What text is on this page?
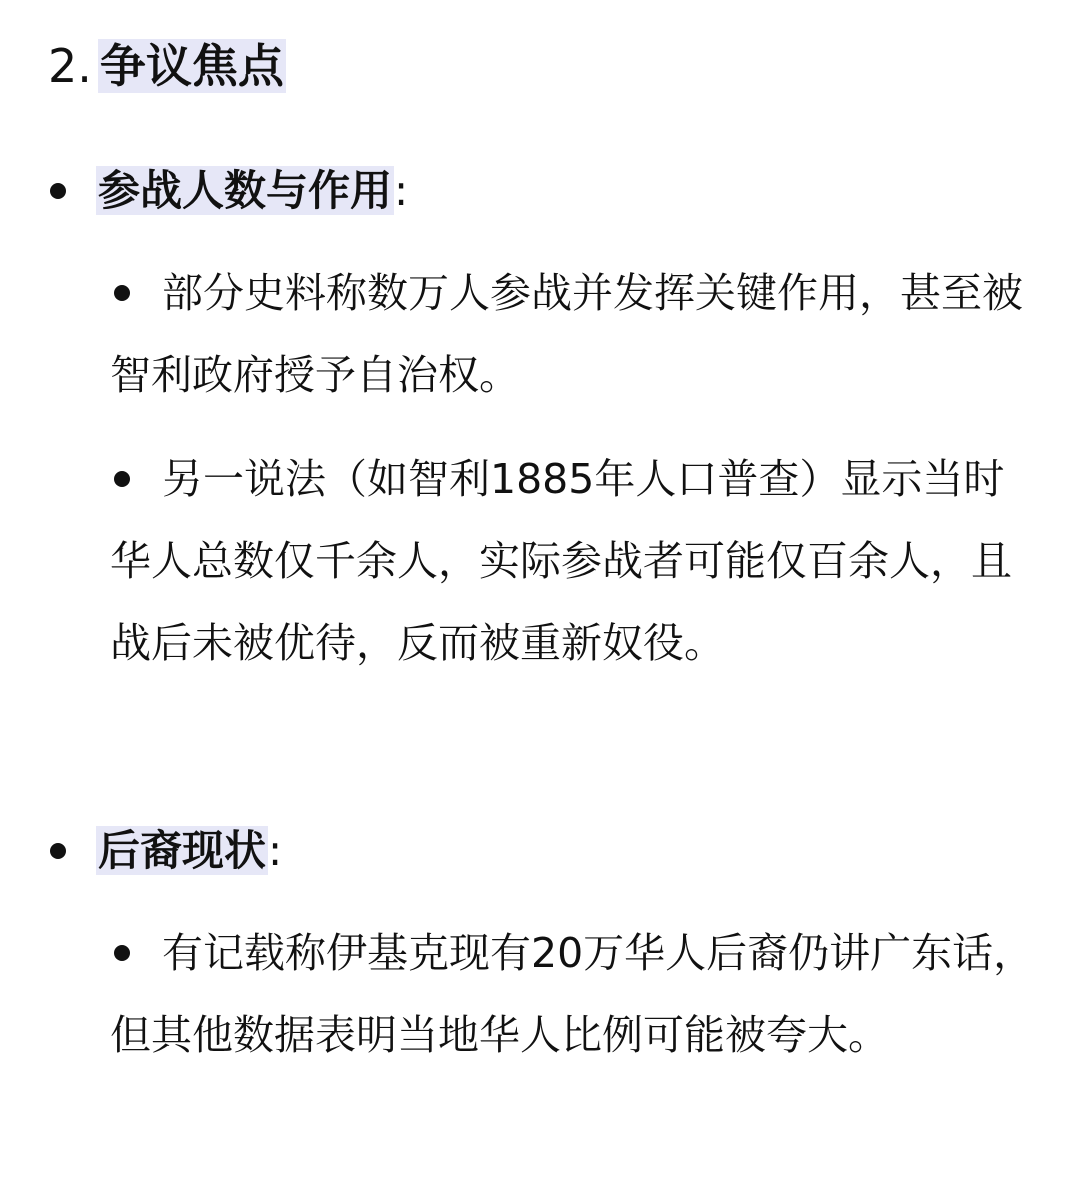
2. 争议焦点
参战人数与作用:

部分史料称数万人参战并发挥关键作用，甚至被智利政府授予自治权。

另一说法（如智利1885年人口普查）显示当时华人总数仅千余人，实际参战者可能仅百余人，且战后未被优待，反而被重新奴役。

后裔现状:

有记载称伊基克现有20万华人后裔仍讲广东话，但其他数据表明当地华人比例可能被夸大。
